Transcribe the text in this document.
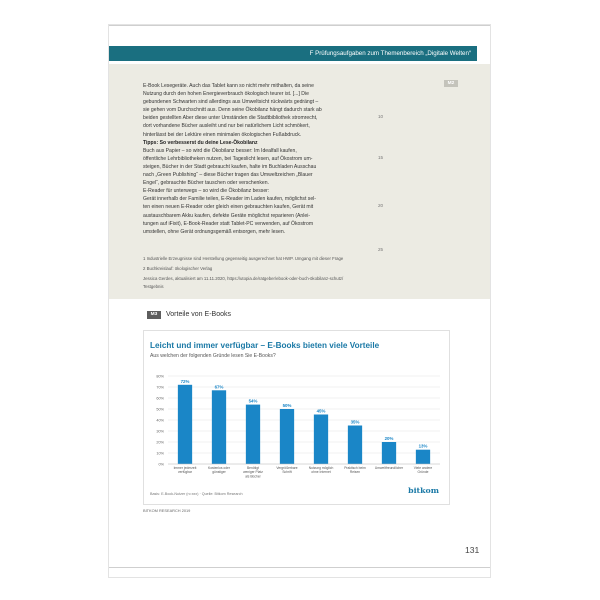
F Prüfungsaufgaben zum Themenbereich „Digitale Welten“
M2
E-Book Lesegeräte. Auch das Tablet kann so nicht mehr mithalten, da seine
Nutzung durch den hohen Energieverbrauch ökologisch teurer ist. [...] Die
gebundenen Schwarten sind allerdings aus Umweltsicht rückwärts gedrängt –
sie gehen vom Durchschnitt aus. Denn seine Ökobilanz hängt dadurch stark ab
beiden gestellten Aber diese unter Umständen die Stadtbibliothek stromrecht,
dort vorhandene Bücher ausleiht und nur bei natürlichem Licht schmökert,
hinterlässt bei der Lektüre einen minimalen ökologischen Fußabdruck.
Tipps: So verbesserst du deine Lese-Ökobilanz
Buch aus Papier – so wird die Ökobilanz besser: Im Idealfall kaufen,
öffentliche Lehrbibliotheken nutzen, bei Tageslicht lesen, auf Ökostrom um-
steigen, Bücher in der Stadt gebraucht kaufen, halte im Buchladen Ausschau
nach „Green Publishing“ – diese Bücher tragen das Umweltzeichen „Blauer
Engel“, gebrauchte Bücher tauschen oder verschenken.
E-Reader für unterwegs – so wird die Ökobilanz besser:
Gerät innerhalb der Familie teilen, E-Reader im Laden kaufen, möglichst sel-
ten einen neuen E-Reader oder gleich einen gebrauchten kaufen, Gerät mit
austauschbarem Akku kaufen, defekte Geräte möglichst reparieren (Anlei-
tungen auf iFixit), E-Book-Reader statt Tablet-PC verwenden, auf Ökostrom
umstellen, ohne Gerät ordnungsgemäß entsorgen, mehr lesen.
10
15
20
25
1 Industrielle Erzeugnisse sind Herstellung gegenseitig ausgerechnet hat HWP. Umgang mit dieser Frage
2 Buchkreislauf: ökologischer Verlag
Jessica Gerdes, aktualisiert am 11.11.2020, https://utopia.de/ratgeber/ebook-oder-buch-ökobilanz-schutz/
Testgebnis
M3	Vorteile von E-Books
Leicht und immer verfügbar – E-Books bieten viele Vorteile
Aus welchen der folgenden Gründe lesen Sie E-Books?
80%
70%
60%
50%
40%
30%
20%
10%
0%
72%
Immer jederzeit verfügbar
67%
Kostenlos oder günstiger
54%
Benötigt weniger Platz als Bücher
50%
Vergrößerbare Schrift
45%
Nutzung möglich ohne Internet
35%
Praktisch beim Reisen
20%
Umweltfreundlicher
13%
Viele andere Gründe
Basis: E-Book-Nutzer (n=xxx) · Quelle: Bitkom Research	bitkom
BITKOM RESEARCH 2019
131
